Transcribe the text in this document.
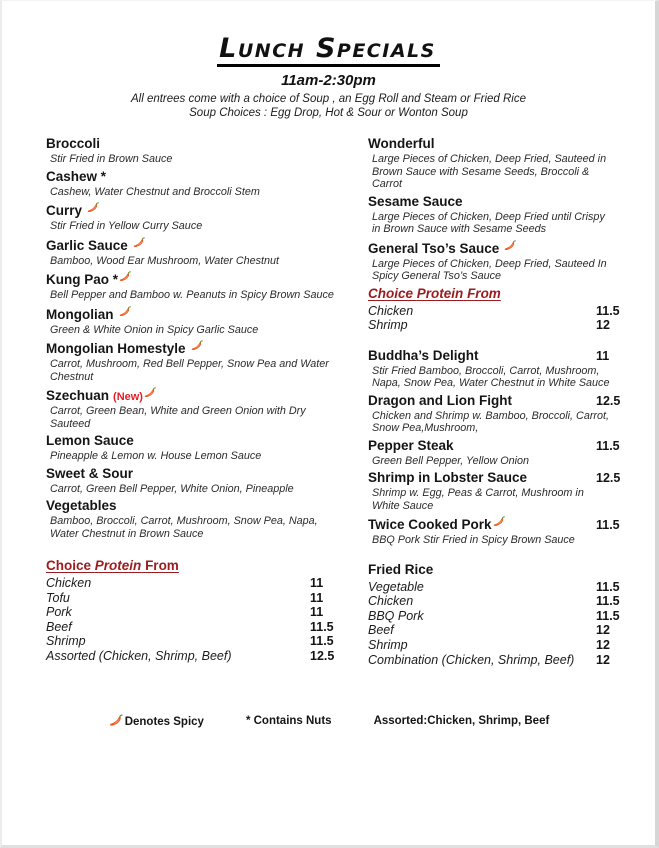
Lunch Specials
11am-2:30pm
All entrees come with a choice of Soup , an Egg Roll and Steam or Fried Rice
Soup Choices : Egg Drop, Hot & Sour or Wonton Soup
Broccoli
Stir Fried in Brown Sauce
Cashew *
Cashew, Water Chestnut and Broccoli Stem
Curry
Stir Fried in Yellow Curry Sauce
Garlic Sauce
Bamboo, Wood Ear Mushroom, Water Chestnut
Kung Pao *
Bell Pepper and Bamboo w. Peanuts in Spicy Brown Sauce
Mongolian
Green & White Onion in Spicy Garlic Sauce
Mongolian Homestyle
Carrot, Mushroom, Red Bell Pepper, Snow Pea and Water Chestnut
Szechuan (New)
Carrot, Green Bean, White and Green Onion with Dry Sauteed
Lemon Sauce
Pineapple & Lemon w. House Lemon Sauce
Sweet & Sour
Carrot, Green Bell Pepper, White Onion, Pineapple
Vegetables
Bamboo, Broccoli, Carrot, Mushroom, Snow Pea, Napa, Water Chestnut in Brown Sauce
Choice Protein From
Chicken	11
Tofu	11
Pork	11
Beef	11.5
Shrimp	11.5
Assorted (Chicken, Shrimp, Beef)	12.5
Wonderful
Large Pieces of Chicken, Deep Fried, Sauteed in Brown Sauce with Sesame Seeds, Broccoli & Carrot
Sesame Sauce
Large Pieces of Chicken, Deep Fried until Crispy in Brown Sauce with Sesame Seeds
General Tso’s Sauce
Large Pieces of Chicken, Deep Fried, Sauteed In Spicy General Tso’s Sauce
Choice Protein From
Chicken	11.5
Shrimp	12
Buddha’s Delight	11
Stir Fried Bamboo, Broccoli, Carrot, Mushroom, Napa, Snow Pea, Water Chestnut in White Sauce
Dragon and Lion Fight	12.5
Chicken and Shrimp w. Bamboo, Broccoli, Carrot, Snow Pea,Mushroom,
Pepper Steak	11.5
Green Bell Pepper, Yellow Onion
Shrimp in Lobster Sauce	12.5
Shrimp w. Egg, Peas & Carrot, Mushroom in White Sauce
Twice Cooked Pork	11.5
BBQ Pork Stir Fried in Spicy Brown Sauce
Fried Rice
Vegetable	11.5
Chicken	11.5
BBQ Pork	11.5
Beef	12
Shrimp	12
Combination (Chicken, Shrimp, Beef)	12
Denotes Spicy	* Contains Nuts	Assorted:Chicken, Shrimp, Beef
